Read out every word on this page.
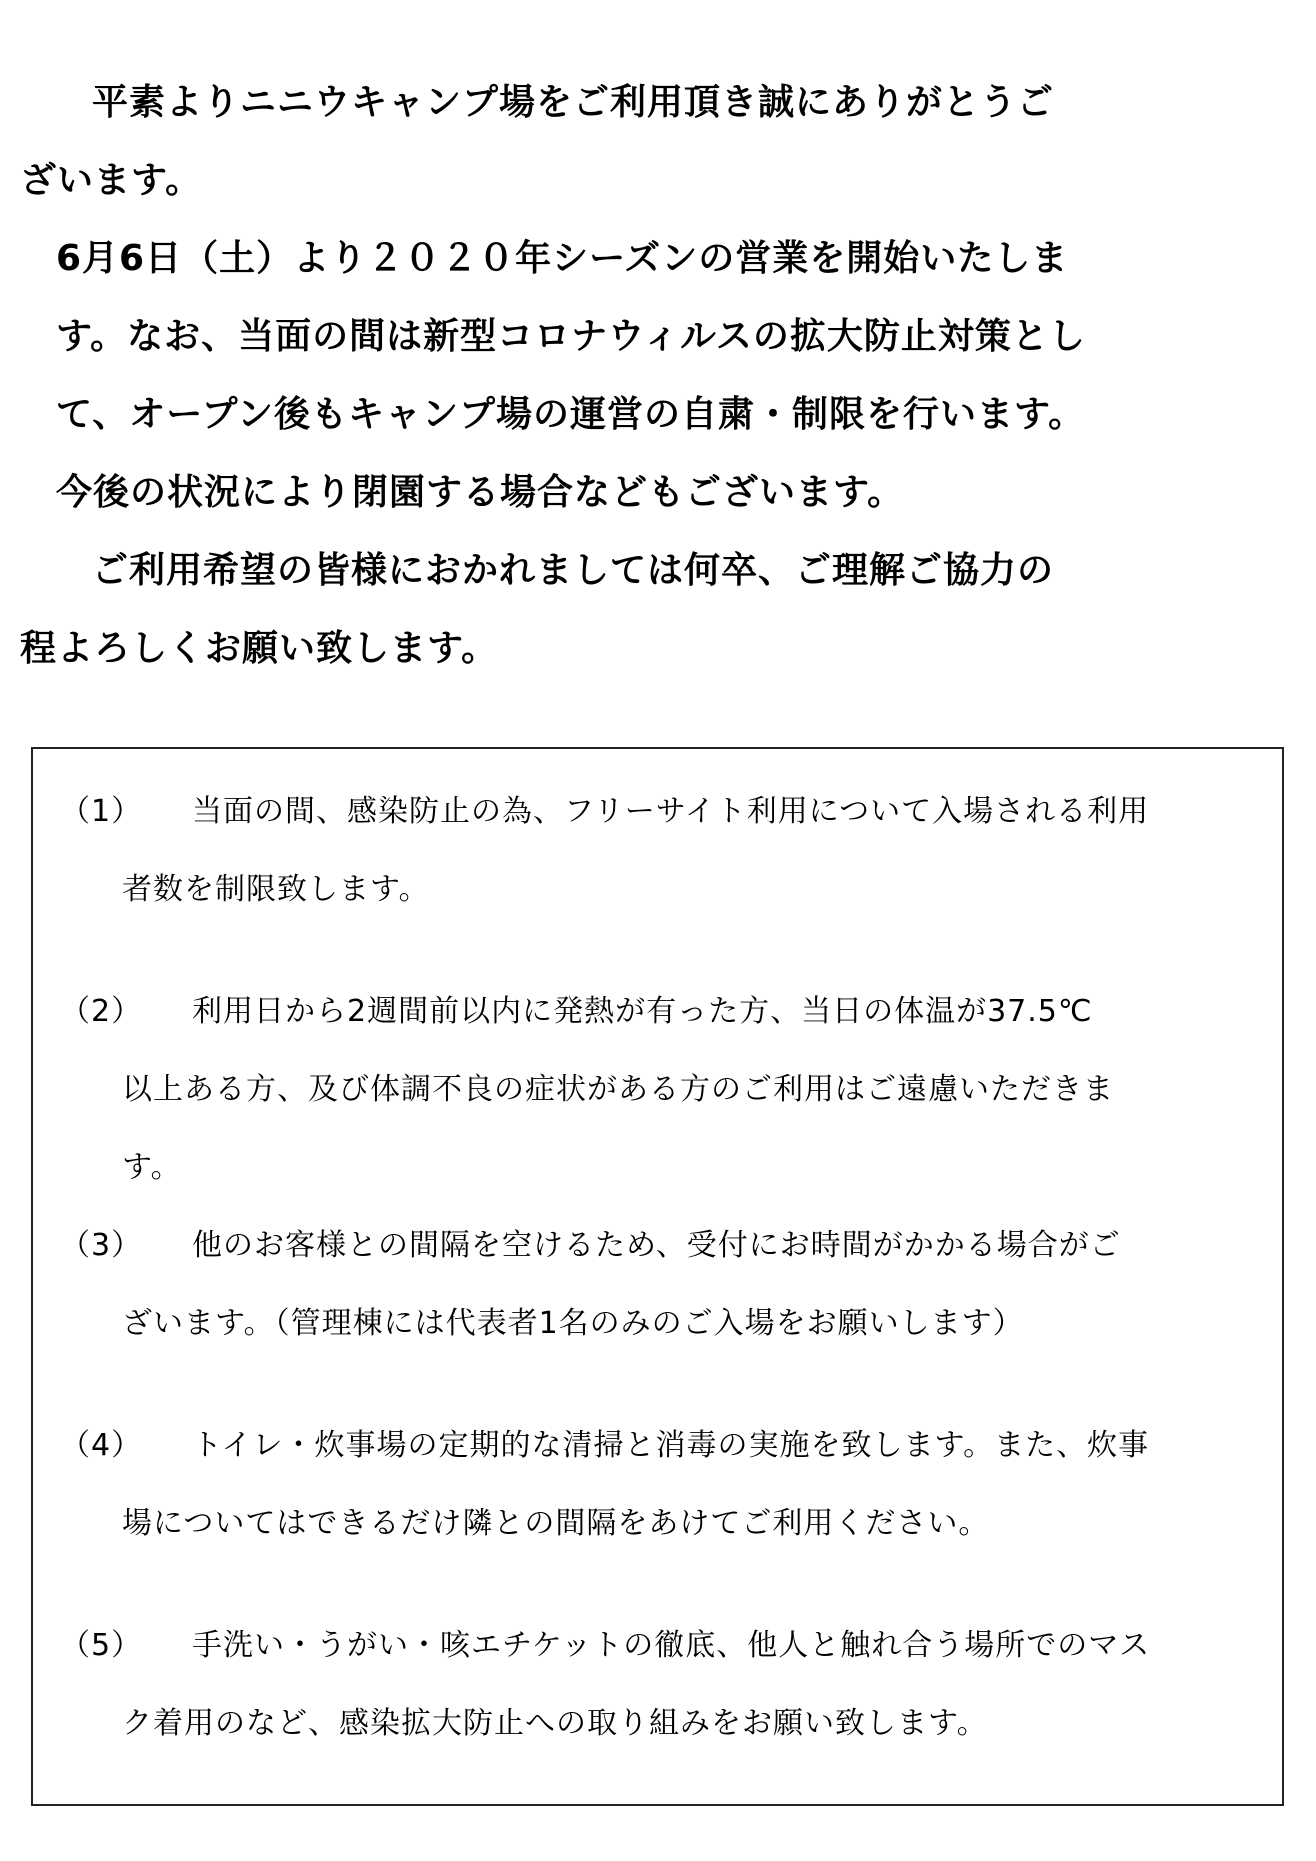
平素よりニニウキャンプ場をご利用頂き誠にありがとうご
ざいます。

6月6日（土）より２０２０年シーズンの営業を開始いたしま
す。なお、当面の間は新型コロナウィルスの拡大防止対策とし
て、オープン後もキャンプ場の運営の自粛・制限を行います。
今後の状況により閉園する場合などもございます。

ご利用希望の皆様におかれましては何卒、ご理解ご協力の
程よろしくお願い致します。

（1）	当面の間、感染防止の為、フリーサイト利用について入場される利用
者数を制限致します。
（2）	利用日から2週間前以内に発熱が有った方、当日の体温が37.5℃
以上ある方、及び体調不良の症状がある方のご利用はご遠慮いただきま
す。
（3）	他のお客様との間隔を空けるため、受付にお時間がかかる場合がご
ざいます。（管理棟には代表者1名のみのご入場をお願いします）
（4）	トイレ・炊事場の定期的な清掃と消毒の実施を致します。また、炊事
場についてはできるだけ隣との間隔をあけてご利用ください。
（5）	手洗い・うがい・咳エチケットの徹底、他人と触れ合う場所でのマス
ク着用のなど、感染拡大防止への取り組みをお願い致します。
